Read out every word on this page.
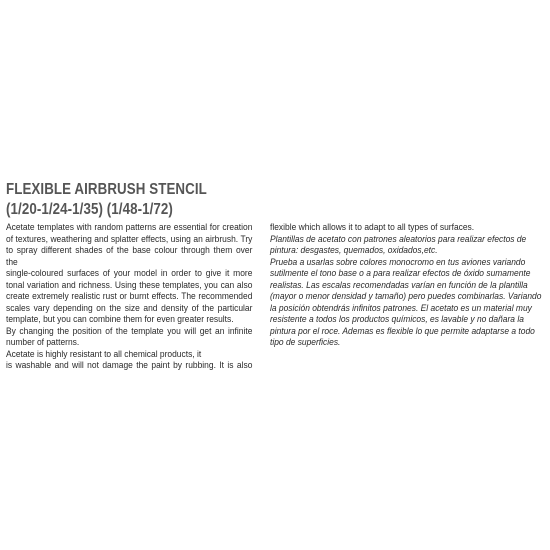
FLEXIBLE AIRBRUSH STENCIL
(1/20-1/24-1/35) (1/48-1/72)
Acetate templates with random patterns are essential for creation
of textures, weathering and splatter effects, using an airbrush. Try
to spray different shades of the base colour through them over the
single-coloured surfaces of your model in order to give it more
tonal variation and richness. Using these templates, you can also
create extremely realistic rust or burnt effects. The recommended
scales vary depending on the size and density of the particular
template, but you can combine them for even greater results.
By changing the position of the template you will get an infinite
number of patterns.
Acetate is highly resistant to all chemical products, it
is washable and will not damage the paint by rubbing. It is also
flexible which allows it to adapt to all types of surfaces.
Plantillas de acetato con patrones aleatorios para realizar efectos de
pintura: desgastes, quemados, oxidados,etc.
Prueba a usarlas sobre colores monocromo en tus aviones variando
sutilmente el tono base o a para realizar efectos de óxido sumamente
realistas. Las escalas recomendadas varían en función de la plantilla
(mayor o menor densidad y tamaño) pero puedes combinarlas. Variando
la posición obtendrás infinitos patrones. El acetato es un material muy
resistente a todos los productos químicos, es lavable y no dañara la
pintura por el roce. Ademas es flexible lo que permite adaptarse a todo
tipo de superficies.
